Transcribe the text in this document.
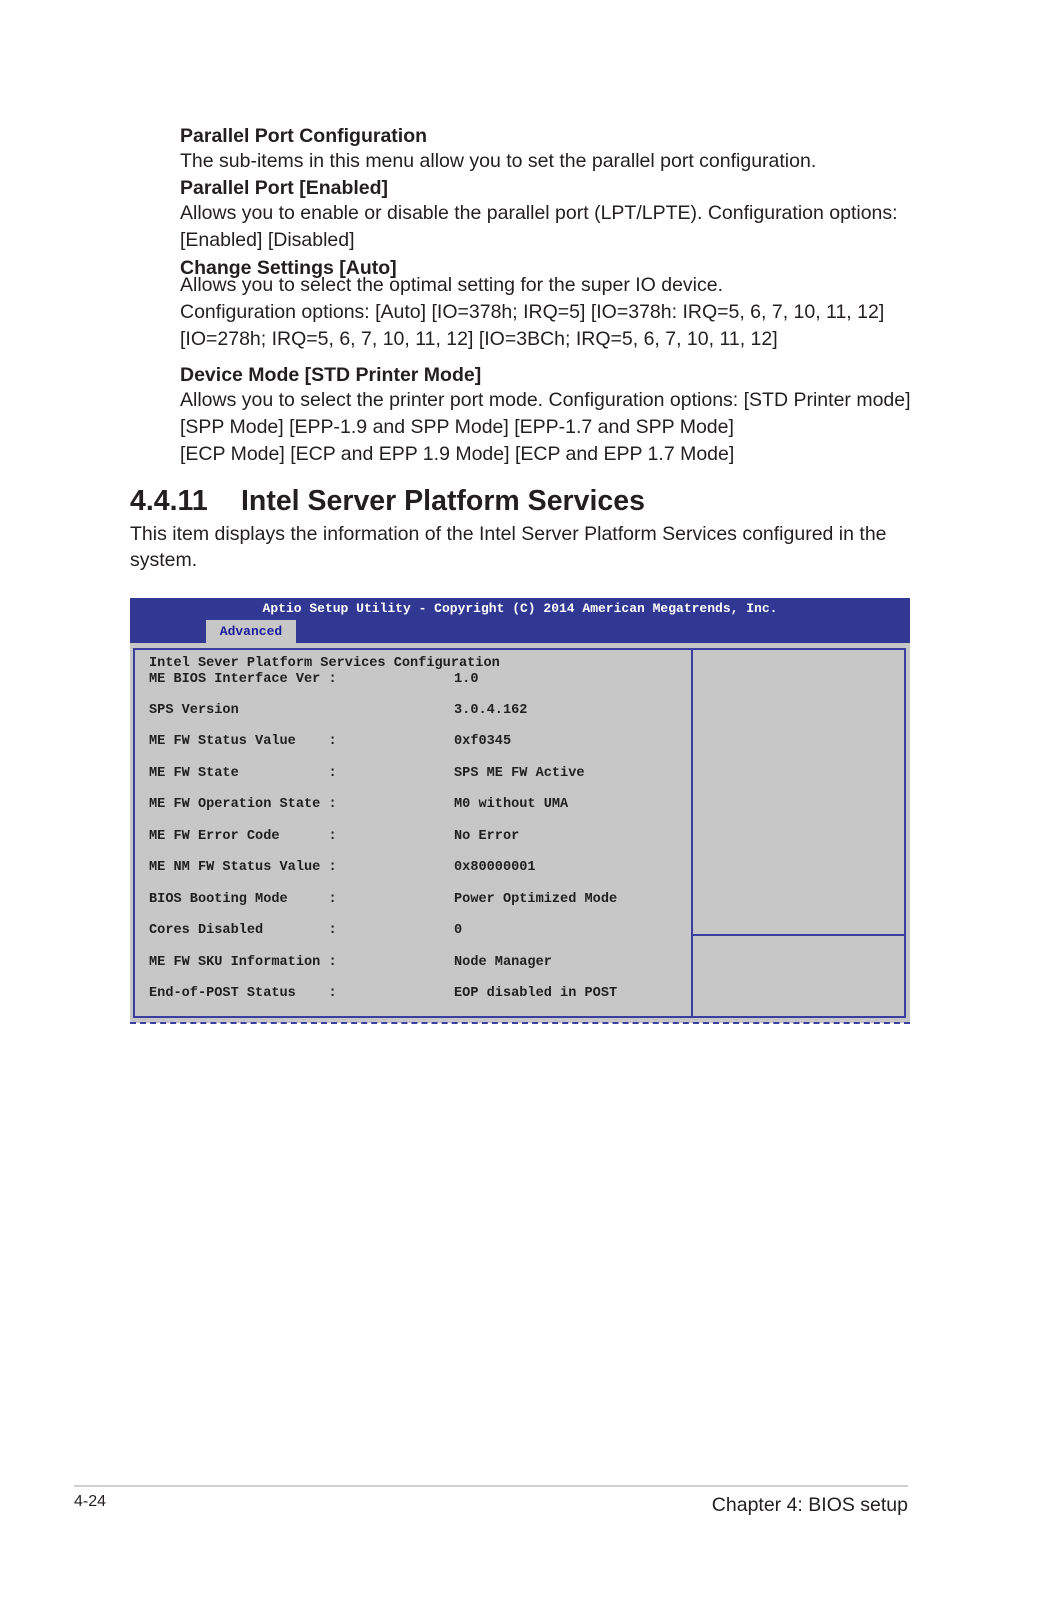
Parallel Port Configuration

The sub-items in this menu allow you to set the parallel port configuration.

Parallel Port [Enabled]

Allows you to enable or disable the parallel port (LPT/LPTE). Configuration options:

[Enabled] [Disabled]

Change Settings [Auto]

Allows you to select the optimal setting for the super IO device.

Configuration options: [Auto] [IO=378h; IRQ=5] [IO=378h: IRQ=5, 6, 7, 10, 11, 12]

[IO=278h; IRQ=5, 6, 7, 10, 11, 12] [IO=3BCh; IRQ=5, 6, 7, 10, 11, 12]

Device Mode [STD Printer Mode]

Allows you to select the printer port mode. Configuration options: [STD Printer mode]

[SPP Mode] [EPP-1.9 and SPP Mode] [EPP-1.7 and SPP Mode]

[ECP Mode] [ECP and EPP 1.9 Mode] [ECP and EPP 1.7 Mode]

4.4.11 Intel Server Platform Services

This item displays the information of the Intel Server Platform Services configured in the system.

Aptio Setup Utility - Copyright (C) 2014 American Megatrends, Inc.
Advanced
Intel Sever Platform Services Configuration
ME BIOS Interface Ver :	1.0
SPS Version	3.0.4.162
ME FW Status Value    :	0xf0345
ME FW State           :	SPS ME FW Active
ME FW Operation State :	M0 without UMA
ME FW Error Code      :	No Error
ME NM FW Status Value :	0x80000001
BIOS Booting Mode     :	Power Optimized Mode
Cores Disabled        :	0
ME FW SKU Information :	Node Manager
End-of-POST Status    :	EOP disabled in POST
4-24	Chapter 4: BIOS setup
